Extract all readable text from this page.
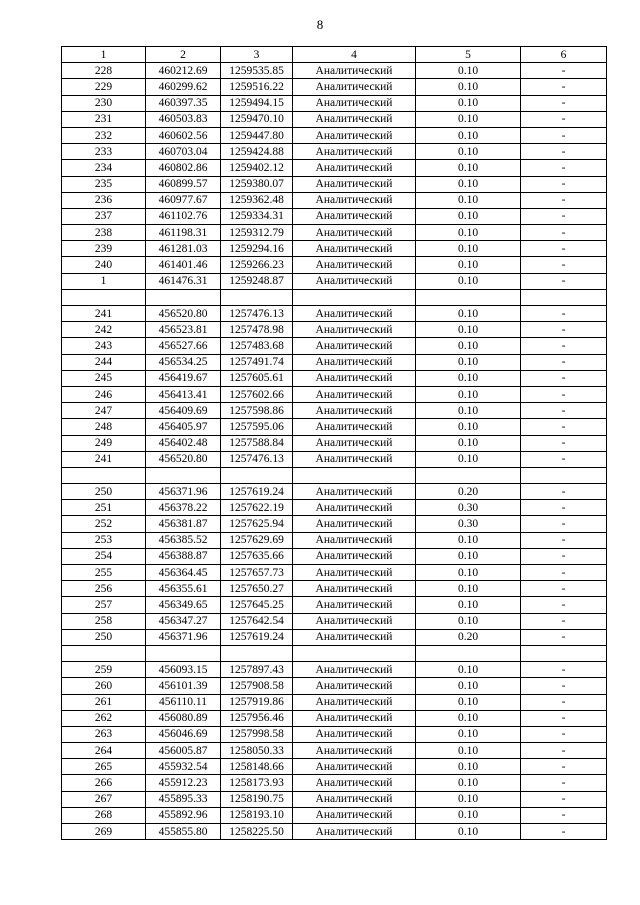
8
1	2	3	4	5	6
228	460212.69	1259535.85	Аналитический	0.10	-
229	460299.62	1259516.22	Аналитический	0.10	-
230	460397.35	1259494.15	Аналитический	0.10	-
231	460503.83	1259470.10	Аналитический	0.10	-
232	460602.56	1259447.80	Аналитический	0.10	-
233	460703.04	1259424.88	Аналитический	0.10	-
234	460802.86	1259402.12	Аналитический	0.10	-
235	460899.57	1259380.07	Аналитический	0.10	-
236	460977.67	1259362.48	Аналитический	0.10	-
237	461102.76	1259334.31	Аналитический	0.10	-
238	461198.31	1259312.79	Аналитический	0.10	-
239	461281.03	1259294.16	Аналитический	0.10	-
240	461401.46	1259266.23	Аналитический	0.10	-
1	461476.31	1259248.87	Аналитический	0.10	-

241	456520.80	1257476.13	Аналитический	0.10	-
242	456523.81	1257478.98	Аналитический	0.10	-
243	456527.66	1257483.68	Аналитический	0.10	-
244	456534.25	1257491.74	Аналитический	0.10	-
245	456419.67	1257605.61	Аналитический	0.10	-
246	456413.41	1257602.66	Аналитический	0.10	-
247	456409.69	1257598.86	Аналитический	0.10	-
248	456405.97	1257595.06	Аналитический	0.10	-
249	456402.48	1257588.84	Аналитический	0.10	-
241	456520.80	1257476.13	Аналитический	0.10	-

250	456371.96	1257619.24	Аналитический	0.20	-
251	456378.22	1257622.19	Аналитический	0.30	-
252	456381.87	1257625.94	Аналитический	0.30	-
253	456385.52	1257629.69	Аналитический	0.10	-
254	456388.87	1257635.66	Аналитический	0.10	-
255	456364.45	1257657.73	Аналитический	0.10	-
256	456355.61	1257650.27	Аналитический	0.10	-
257	456349.65	1257645.25	Аналитический	0.10	-
258	456347.27	1257642.54	Аналитический	0.10	-
250	456371.96	1257619.24	Аналитический	0.20	-

259	456093.15	1257897.43	Аналитический	0.10	-
260	456101.39	1257908.58	Аналитический	0.10	-
261	456110.11	1257919.86	Аналитический	0.10	-
262	456080.89	1257956.46	Аналитический	0.10	-
263	456046.69	1257998.58	Аналитический	0.10	-
264	456005.87	1258050.33	Аналитический	0.10	-
265	455932.54	1258148.66	Аналитический	0.10	-
266	455912.23	1258173.93	Аналитический	0.10	-
267	455895.33	1258190.75	Аналитический	0.10	-
268	455892.96	1258193.10	Аналитический	0.10	-
269	455855.80	1258225.50	Аналитический	0.10	-
